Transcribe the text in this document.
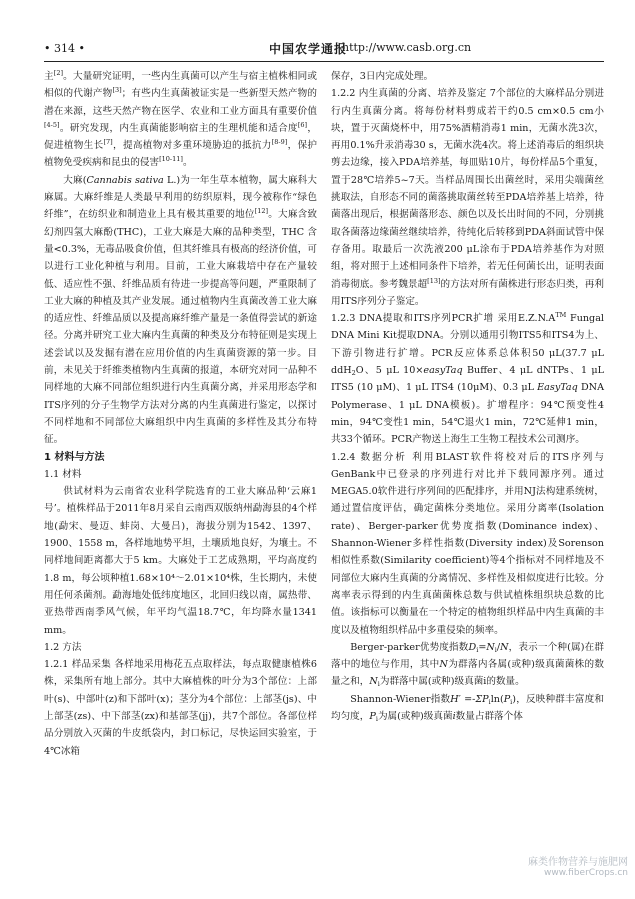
• 314 •	中国农学通报
http://www.casb.org.cn

主[2]。大量研究证明，一些内生真菌可以产生与宿主植株相同或相似的代谢产物[3]；有些内生真菌被证实是一些新型天然产物的潜在来源，这些天然产物在医学、农业和工业方面具有重要价值[4-5]。研究发现，内生真菌能影响宿主的生理机能和适合度[6]，促进植物生长[7]，提高植物对多重环境胁迫的抵抗力[8-9]，保护植物免受疾病和昆虫的侵害[10-11]。

大麻(Cannabis sativa L.)为一年生草本植物，属大麻科大麻属。大麻纤维是人类最早利用的纺织原料，现今被称作“绿色纤维”，在纺织业和制造业上具有极其重要的地位[12]。大麻含致幻剂四氢大麻酚(THC)，工业大麻是大麻的品种类型，THC 含量<0.3%，无毒品吸食价值，但其纤维具有极高的经济价值，可以进行工业化种植与利用。目前，工业大麻栽培中存在产量较低、适应性不强、纤维品质有待进一步提高等问题，严重限制了工业大麻的种植及其产业发展。通过植物内生真菌改善工业大麻的适应性、纤维品质以及提高麻纤维产量是一条值得尝试的新途径。分离并研究工业大麻内生真菌的种类及分布特征则是实现上述尝试以及发掘有潜在应用价值的内生真菌资源的第一步。目前，未见关于纤维类植物内生真菌的报道，本研究对同一品种不同样地的大麻不同部位组织进行内生真菌分离，并采用形态学和ITS序列的分子生物学方法对分离的内生真菌进行鉴定，以探讨不同样地和不同部位大麻组织中内生真菌的多样性及其分布特征。

1 材料与方法

1.1 材料

供试材料为云南省农业科学院选育的工业大麻品种‘云麻1号’。植株样品于2011年8月采自云南西双版纳州勐海县的4个样地(勐宋、曼迈、蚌岗、大曼吕)，海拔分别为1542、1397、1900、1558 m，各样地地势平坦，土壤质地良好，为壤土。不同样地间距离都大于5 km。大麻处于工艺成熟期，平均高度约1.8 m，每公顷种植1.68×10⁴～2.01×10⁴株，生长期内，未使用任何杀菌剂。勐海地处低纬度地区，北回归线以南，属热带、亚热带西南季风气候，年平均气温18.7℃，年均降水量1341 mm。

1.2 方法

1.2.1 样品采集 各样地采用梅花五点取样法，每点取健康植株6株，采集所有地上部分。其中大麻植株的叶分为3个部位：上部叶(s)、中部叶(z)和下部叶(x)；茎分为4个部位：上部茎(js)、中上部茎(zs)、中下部茎(zx)和基部茎(jj)，共7个部位。各部位样品分别放入灭菌的牛皮纸袋内，封口标记，尽快运回实验室，于4℃冰箱

保存，3日内完成处理。

1.2.2 内生真菌的分离、培养及鉴定 7个部位的大麻样品分别进行内生真菌分离。将每份材料剪成若干约0.5 cm×0.5 cm小块，置于灭菌烧杯中，用75%酒精消毒1 min，无菌水洗3次，再用0.1%升汞消毒30 s，无菌水洗4次。将上述消毒后的组织块剪去边缘，接入PDA培养基，每皿贴10片，每份样品5个重复，置于28℃培养5~7天。当样品周围长出菌丝时，采用尖端菌丝挑取法，自形态不同的菌落挑取菌丝转至PDA培养基上培养，待菌落出现后，根据菌落形态、颜色以及长出时间的不同，分别挑取各菌落边缘菌丝继续培养，待纯化后转移到PDA斜面试管中保存备用。取最后一次洗液200 μL涂布于PDA培养基作为对照组，将对照于上述相同条件下培养，若无任何菌长出，证明表面消毒彻底。参考魏景超[13]的方法对所有菌株进行形态归类，再利用ITS序列分子鉴定。

1.2.3 DNA提取和ITS序列PCR扩增 采用E.Z.N.A™ Fungal DNA Mini Kit提取DNA。分别以通用引物ITS5和ITS4为上、下游引物进行扩增。PCR反应体系总体积50 μL(37.7 μL ddH$_2$O、5 μL 10×easyTaq Buffer、4 μL dNTPs、1 μL ITS5 (10 μM)、1 μL ITS4 (10μM)、0.3 μL EasyTaq DNA Polymerase、1 μL DNA模板)。扩增程序：94℃预变性4 min，94℃变性1 min，54℃退火1 min，72℃延伸1 min，共33个循环。PCR产物送上海生工生物工程技术公司测序。

1.2.4 数据分析 利用BLAST软件将校对后的ITS序列与GenBank中已登录的序列进行对比并下载同源序列。通过MEGA5.0软件进行序列间的匹配排序，并用NJ法构建系统树，通过置信度评估，确定菌株分类地位。采用分离率(Isolation rate)、Berger-parker优势度指数(Dominance index)、Shannon-Wiener多样性指数(Diversity index)及Sorenson相似性系数(Similarity coefficient)等4个指标对不同样地及不同部位大麻内生真菌的分离情况、多样性及相似度进行比较。分离率表示得到的内生真菌菌株总数与供试植株组织块总数的比值。该指标可以衡量在一个特定的植物组织样品中内生真菌的丰度以及植物组织样品中多重侵染的频率。

Berger-parker优势度指数$D_i=N_i/N$，表示一个种(属)在群落中的地位与作用，其中N为群落内各属(或种)级真菌菌株的数量之和，$N_i$为群落中属(或种)级真菌i的数量。

Shannon-Wiener指数$H' =-\Sigma P_i\ln(P_i)$，反映种群丰富度和均匀度，$P_i$为属(或种)级真菌i数量占群落个体

麻类作物营养与施肥网
www.fiberCrops.cn
